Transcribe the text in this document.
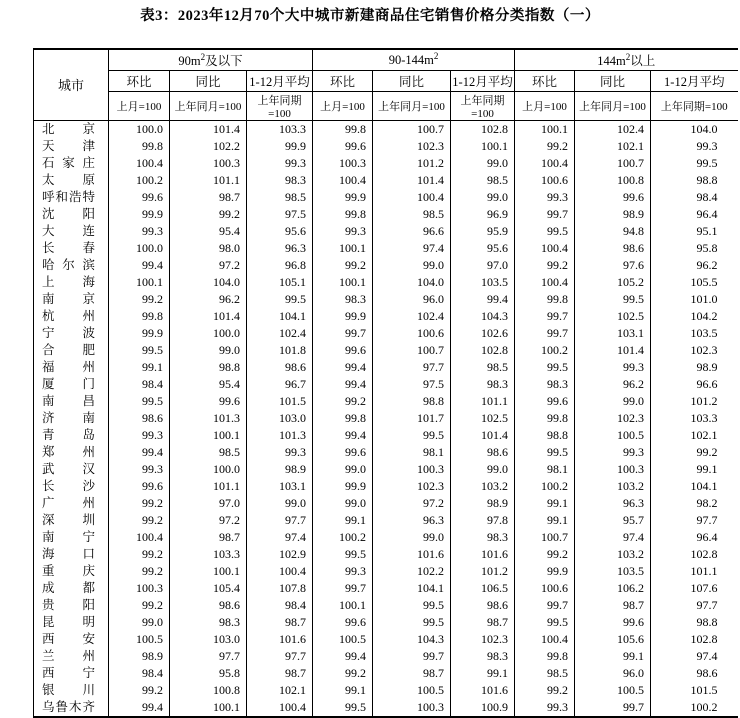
表3：2023年12月70个大中城市新建商品住宅销售价格分类指数（一）
城市	$90m^2$及以下			$90-144m^2$			$144m^2$以上		
	环比	同比	1-12月平均	环比	同比	1-12月平均	环比	同比	1-12月平均
	上月=100	上年同月=100	上年同期=100	上月=100	上年同月=100	上年同期=100	上月=100	上年同月=100	上年同期=100
北京	100.0	101.4	103.3	99.8	100.7	102.8	100.1	102.4	104.0
天津	99.8	102.2	99.9	99.6	102.3	100.1	99.2	102.1	99.3
石家庄	100.4	100.3	99.3	100.3	101.2	99.0	100.4	100.7	99.5
太原	100.2	101.1	98.3	100.4	101.4	98.5	100.6	100.8	98.8
呼和浩特	99.6	98.7	98.5	99.9	100.4	99.0	99.3	99.6	98.4
沈阳	99.9	99.2	97.5	99.8	98.5	96.9	99.7	98.9	96.4
大连	99.3	95.4	95.6	99.3	96.6	95.9	99.5	94.8	95.1
长春	100.0	98.0	96.3	100.1	97.4	95.6	100.4	98.6	95.8
哈尔滨	99.4	97.2	96.8	99.2	99.0	97.0	99.2	97.6	96.2
上海	100.1	104.0	105.1	100.1	104.0	103.5	100.4	105.2	105.5
南京	99.2	96.2	99.5	98.3	96.0	99.4	99.8	99.5	101.0
杭州	99.8	101.4	104.1	99.9	102.4	104.3	99.7	102.5	104.2
宁波	99.9	100.0	102.4	99.7	100.6	102.6	99.7	103.1	103.5
合肥	99.5	99.0	101.8	99.6	100.7	102.8	100.2	101.4	102.3
福州	99.1	98.8	98.6	99.4	97.7	98.5	99.5	99.3	98.9
厦门	98.4	95.4	96.7	99.4	97.5	98.3	98.3	96.2	96.6
南昌	99.5	99.6	101.5	99.2	98.8	101.1	99.6	99.0	101.2
济南	98.6	101.3	103.0	99.8	101.7	102.5	99.8	102.3	103.3
青岛	99.3	100.1	101.3	99.4	99.5	101.4	98.8	100.5	102.1
郑州	99.4	98.5	99.3	99.6	98.1	98.6	99.5	99.3	99.2
武汉	99.3	100.0	98.9	99.0	100.3	99.0	98.1	100.3	99.1
长沙	99.6	101.1	103.1	99.9	102.3	103.2	100.2	103.2	104.1
广州	99.2	97.0	99.0	99.0	97.2	98.9	99.1	96.3	98.2
深圳	99.2	97.2	97.7	99.1	96.3	97.8	99.1	95.7	97.7
南宁	100.4	98.7	97.4	100.2	99.0	98.3	100.7	97.4	96.4
海口	99.2	103.3	102.9	99.5	101.6	101.6	99.2	103.2	102.8
重庆	99.2	100.1	100.4	99.3	102.2	101.2	99.9	103.5	101.1
成都	100.3	105.4	107.8	99.7	104.1	106.5	100.6	106.2	107.6
贵阳	99.2	98.6	98.4	100.1	99.5	98.6	99.7	98.7	97.7
昆明	99.0	98.3	98.7	99.6	99.5	98.7	99.5	99.6	98.8
西安	100.5	103.0	101.6	100.5	104.3	102.3	100.4	105.6	102.8
兰州	98.9	97.7	97.7	99.4	99.7	98.3	99.8	99.1	97.4
西宁	98.4	95.8	98.7	99.2	98.7	99.1	98.5	96.0	98.6
银川	99.2	100.8	102.1	99.1	100.5	101.6	99.2	100.5	101.5
乌鲁木齐	99.4	100.1	100.4	99.5	100.3	100.9	99.3	99.7	100.2
